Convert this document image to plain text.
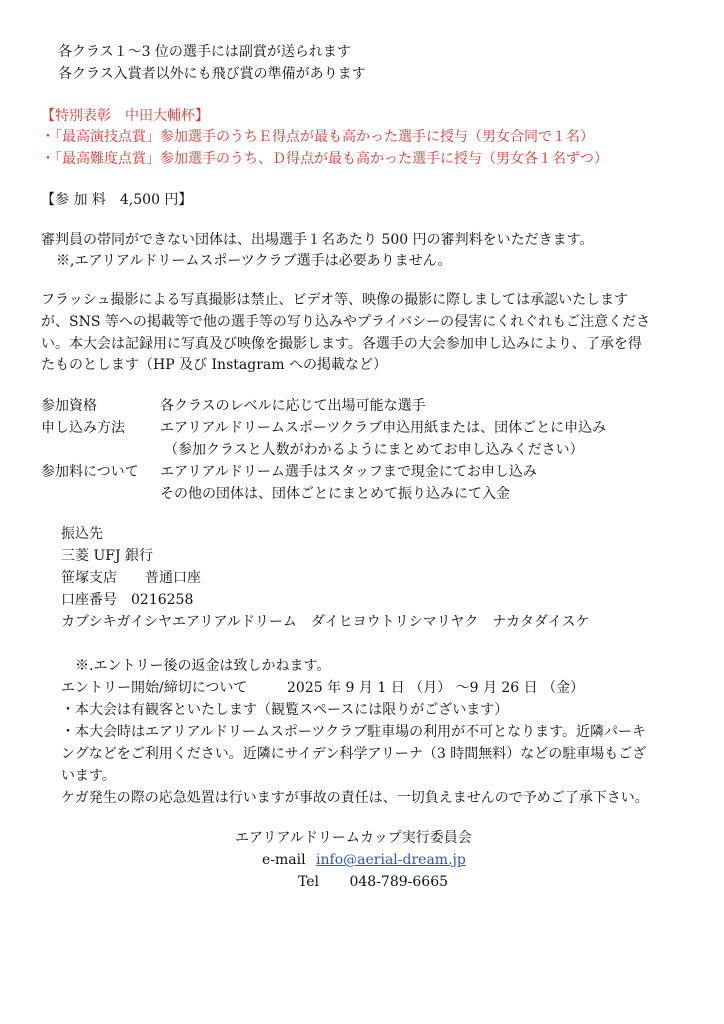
各クラス１〜3 位の選手には副賞が送られます
各クラス入賞者以外にも飛び賞の準備があります
【特別表彰　中田大輔杯】
・「最高演技点賞」参加選手のうちＥ得点が最も高かった選手に授与（男女合同で１名）
・「最高難度点賞」参加選手のうち、Ｄ得点が最も高かった選手に授与（男女各１名ずつ）
【参 加 料　4,500 円】
審判員の帯同ができない団体は、出場選手１名あたり 500 円の審判料をいただきます。
※,エアリアルドリームスポーツクラブ選手は必要ありません。
フラッシュ撮影による写真撮影は禁止、ビデオ等、映像の撮影に際しましては承認いたします
が、SNS 等への掲載等で他の選手等の写り込みやプライバシーの侵害にくれぐれもご注意くださ
い。本大会は記録用に写真及び映像を撮影します。各選手の大会参加申し込みにより、了承を得
たものとします（HP 及び Instagram への掲載など）
参加資格	各クラスのレベルに応じて出場可能な選手
申し込み方法	エアリアルドリームスポーツクラブ申込用紙または、団体ごとに申込み
（参加クラスと人数がわかるようにまとめてお申し込みください）
参加料について エアリアルドリーム選手はスタッフまで現金にてお申し込み
その他の団体は、団体ごとにまとめて振り込みにて入金
振込先
三菱 UFJ 銀行
笹塚支店　　普通口座
口座番号　0216258
カブシキガイシヤエアリアルドリーム　ダイヒヨウトリシマリヤク　ナカタダイスケ
※.エントリー後の返金は致しかねます。
エントリー開始/締切について	2025 年 9 月 1 日 （月） 〜9 月 26 日 （金）
・本大会は有観客といたします（観覧スペースには限りがございます）
・本大会時はエアリアルドリームスポーツクラブ駐車場の利用が不可となります。近隣パーキ
ングなどをご利用ください。近隣にサイデン科学アリーナ（3 時間無料）などの駐車場もござ
います。
ケガ発生の際の応急処置は行いますが事故の責任は、一切負えませんので予めご了承下さい。
エアリアルドリームカップ実行委員会
e-mail info@aerial-dream.jp
Tel 048-789-6665
